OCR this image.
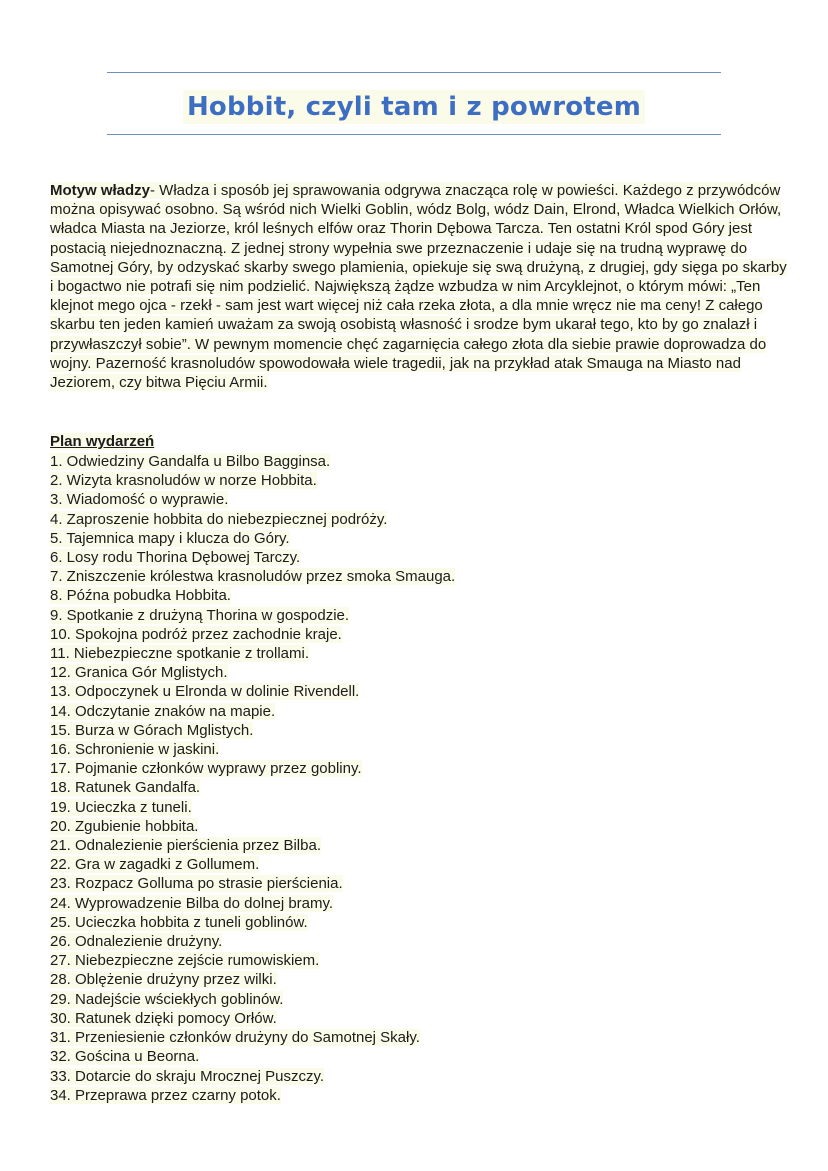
Hobbit, czyli tam i z powrotem

Motyw władzy- Władza i sposób jej sprawowania odgrywa znacząca rolę w powieści. Każdego z przywódców można opisywać osobno. Są wśród nich Wielki Goblin, wódz Bolg, wódz Dain, Elrond, Władca Wielkich Orłów, władca Miasta na Jeziorze, król leśnych elfów oraz Thorin Dębowa Tarcza. Ten ostatni Król spod Góry jest postacią niejednoznaczną. Z jednej strony wypełnia swe przeznaczenie i udaje się na trudną wyprawę do Samotnej Góry, by odzyskać skarby swego plamienia, opiekuje się swą drużyną, z drugiej, gdy sięga po skarby i bogactwo nie potrafi się nim podzielić. Największą żądze wzbudza w nim Arcyklejnot, o którym mówi: „Ten klejnot mego ojca - rzekł - sam jest wart więcej niż cała rzeka złota, a dla mnie wręcz nie ma ceny! Z całego skarbu ten jeden kamień uważam za swoją osobistą własność i srodze bym ukarał tego, kto by go znalazł i przywłaszczył sobie”. W pewnym momencie chęć zagarnięcia całego złota dla siebie prawie doprowadza do wojny. Pazerność krasnoludów spowodowała wiele tragedii, jak na przykład atak Smauga na Miasto nad Jeziorem, czy bitwa Pięciu Armii.

Plan wydarzeń
1. Odwiedziny Gandalfa u Bilbo Bagginsa.
2. Wizyta krasnoludów w norze Hobbita.
3. Wiadomość o wyprawie.
4. Zaproszenie hobbita do niebezpiecznej podróży.
5. Tajemnica mapy i klucza do Góry.
6. Losy rodu Thorina Dębowej Tarczy.
7. Zniszczenie królestwa krasnoludów przez smoka Smauga.
8. Późna pobudka Hobbita.
9. Spotkanie z drużyną Thorina w gospodzie.
10. Spokojna podróż przez zachodnie kraje.
11. Niebezpieczne spotkanie z trollami.
12. Granica Gór Mglistych.
13. Odpoczynek u Elronda w dolinie Rivendell.
14. Odczytanie znaków na mapie.
15. Burza w Górach Mglistych.
16. Schronienie w jaskini.
17. Pojmanie członków wyprawy przez gobliny.
18. Ratunek Gandalfa.
19. Ucieczka z tuneli.
20. Zgubienie hobbita.
21. Odnalezienie pierścienia przez Bilba.
22. Gra w zagadki z Gollumem.
23. Rozpacz Golluma po strasie pierścienia.
24. Wyprowadzenie Bilba do dolnej bramy.
25. Ucieczka hobbita z tuneli goblinów.
26. Odnalezienie drużyny.
27. Niebezpieczne zejście rumowiskiem.
28. Oblężenie drużyny przez wilki.
29. Nadejście wściekłych goblinów.
30. Ratunek dzięki pomocy Orłów.
31. Przeniesienie członków drużyny do Samotnej Skały.
32. Gościna u Beorna.
33. Dotarcie do skraju Mrocznej Puszczy.
34. Przeprawa przez czarny potok.
